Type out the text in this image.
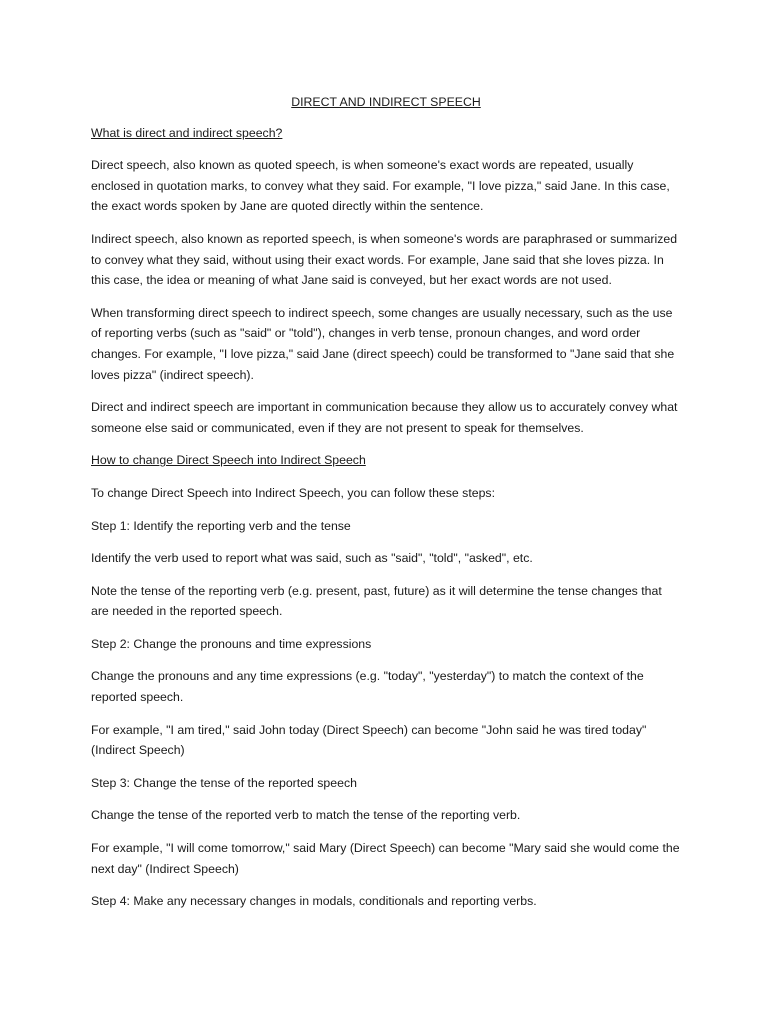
DIRECT AND INDIRECT SPEECH

What is direct and indirect speech?

Direct speech, also known as quoted speech, is when someone's exact words are repeated, usually enclosed in quotation marks, to convey what they said. For example, "I love pizza," said Jane. In this case, the exact words spoken by Jane are quoted directly within the sentence.

Indirect speech, also known as reported speech, is when someone's words are paraphrased or summarized to convey what they said, without using their exact words. For example, Jane said that she loves pizza. In this case, the idea or meaning of what Jane said is conveyed, but her exact words are not used.

When transforming direct speech to indirect speech, some changes are usually necessary, such as the use of reporting verbs (such as "said" or "told"), changes in verb tense, pronoun changes, and word order changes. For example, "I love pizza," said Jane (direct speech) could be transformed to "Jane said that she loves pizza" (indirect speech).

Direct and indirect speech are important in communication because they allow us to accurately convey what someone else said or communicated, even if they are not present to speak for themselves.

How to change Direct Speech into Indirect Speech

To change Direct Speech into Indirect Speech, you can follow these steps:

Step 1: Identify the reporting verb and the tense

Identify the verb used to report what was said, such as "said", "told", "asked", etc.

Note the tense of the reporting verb (e.g. present, past, future) as it will determine the tense changes that are needed in the reported speech.

Step 2: Change the pronouns and time expressions

Change the pronouns and any time expressions (e.g. "today", "yesterday") to match the context of the reported speech.

For example, "I am tired," said John today (Direct Speech) can become "John said he was tired today" (Indirect Speech)

Step 3: Change the tense of the reported speech

Change the tense of the reported verb to match the tense of the reporting verb.

For example, "I will come tomorrow," said Mary (Direct Speech) can become "Mary said she would come the next day" (Indirect Speech)

Step 4: Make any necessary changes in modals, conditionals and reporting verbs.
